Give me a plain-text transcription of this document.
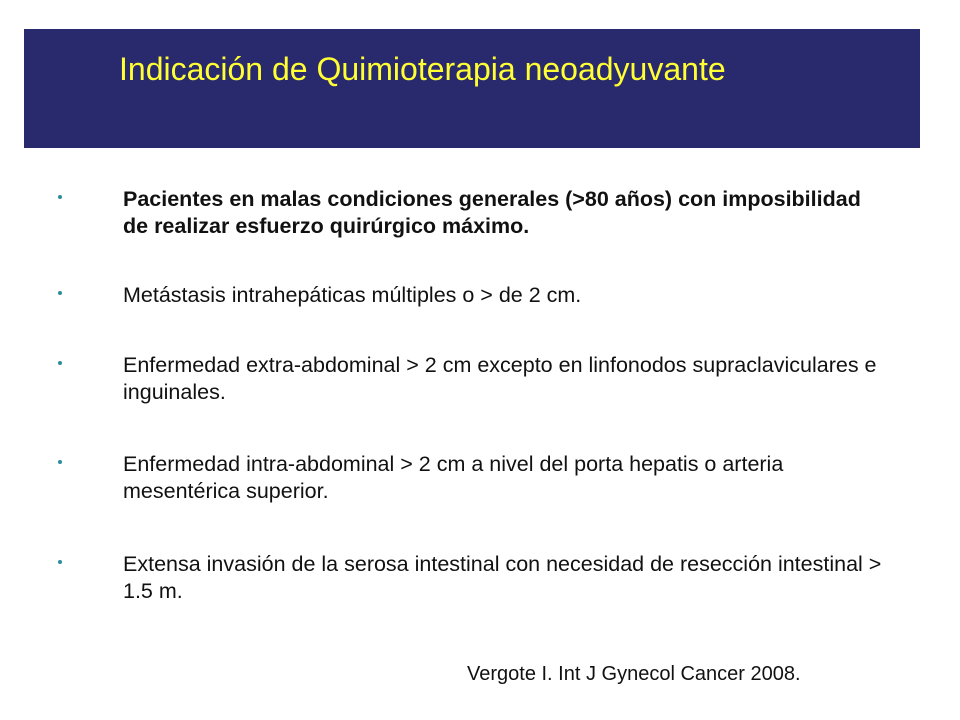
Indicación de Quimioterapia neoadyuvante
Pacientes en malas condiciones generales (>80 años) con imposibilidad de realizar esfuerzo quirúrgico máximo.
Metástasis intrahepáticas múltiples o > de 2 cm.
Enfermedad extra-abdominal > 2 cm excepto en linfonodos supraclaviculares e inguinales.
Enfermedad intra-abdominal > 2 cm a nivel del porta hepatis o arteria mesentérica superior.
Extensa invasión de la serosa intestinal con necesidad de resección intestinal > 1.5 m.
Vergote I. Int J Gynecol Cancer 2008.
